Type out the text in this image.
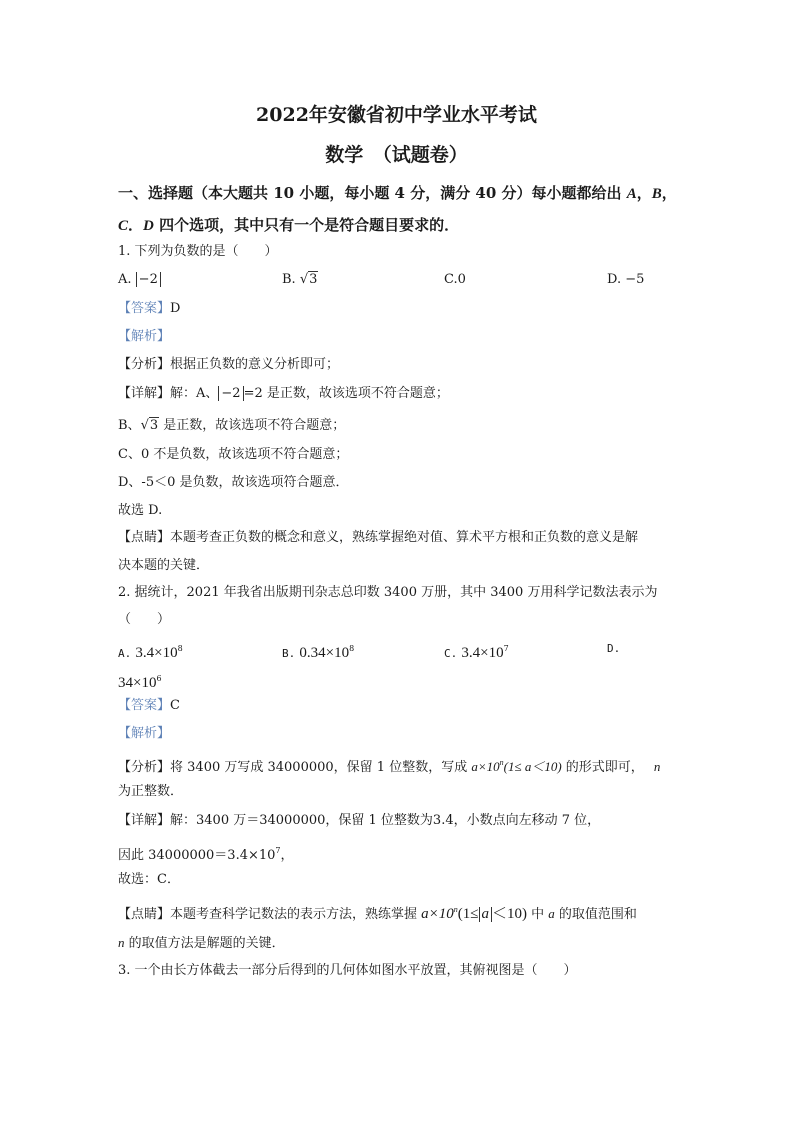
2022年安徽省初中学业水平考试
数学　（试题卷）
一、选择题（本大题共 10 小题，每小题 4 分，满分 40 分）每小题都给出 A，B，
C．D 四个选项，其中只有一个是符合题目要求的．
1. 下列为负数的是（　　）
A. −2	B. √3	C.0	D. −5
【答案】D
【解析】
【分析】根据正负数的意义分析即可；
【详解】解：A、 −2 =2 是正数，故该选项不符合题意；
B、√3 是正数，故该选项不符合题意；
C、0 不是负数，故该选项不符合题意；
D、-5＜0 是负数，故该选项符合题意．
故选 D.
【点睛】本题考查正负数的概念和意义，熟练掌握绝对值、算术平方根和正负数的意义是解
决本题的关键．
2. 据统计，2021 年我省出版期刊杂志总印数 3400 万册，其中 3400 万用科学记数法表示为
（　　）
A. $3.4\times 10^8$	B. $0.34\times 10^8$	C. $3.4\times 10^7$	D.
$34\times 10^6$
【答案】C
【解析】
【分析】将 3400 万写成 34000000，保留 1 位整数，写成 $a\times 10^n(1\le a<10)$ 的形式即可， n
为正整数．
【详解】解：3400 万＝34000000，保留 1 位整数为3.4，小数点向左移动 7 位，
因此 $34000000=3.4\times 10^7$，
故选：C．
【点睛】本题考查科学记数法的表示方法，熟练掌握 $a\times 10^n(1\le a <10)$ 中 a 的取值范围和
n 的取值方法是解题的关键．
3. 一个由长方体截去一部分后得到的几何体如图水平放置，其俯视图是（　　）
